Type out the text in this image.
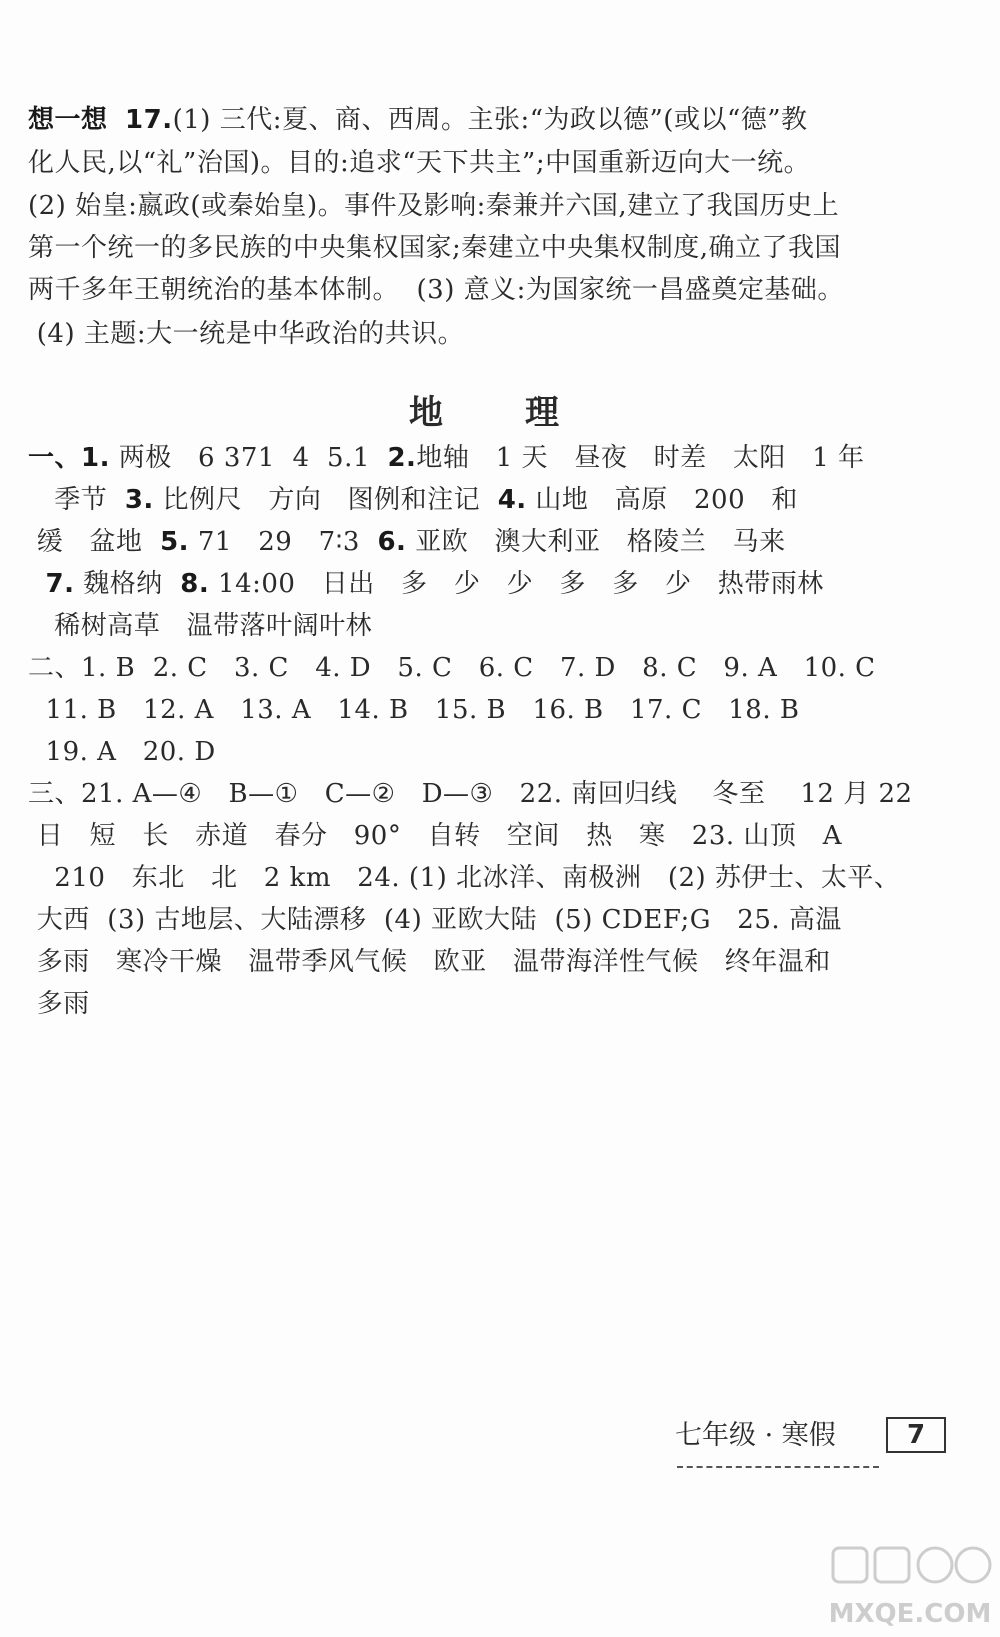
想一想 17.(1) 三代:夏、商、西周。主张:“为政以德”(或以“德”教
化人民,以“礼”治国)。目的:追求“天下共主”;中国重新迈向大一统。
(2) 始皇:嬴政(或秦始皇)。事件及影响:秦兼并六国,建立了我国历史上
第一个统一的多民族的中央集权国家;秦建立中央集权制度,确立了我国
两千多年王朝统治的基本体制。  (3) 意义:为国家统一昌盛奠定基础。
(4) 主题:大一统是中华政治的共识。
地理
一、1. 两极   6 371  4  5.1  2.地轴   1 天   昼夜   时差   太阳   1 年
季节  3. 比例尺   方向   图例和注记  4. 山地   高原   200   和
缓   盆地  5. 71   29   7∶3  6. 亚欧   澳大利亚   格陵兰   马来
7. 魏格纳  8. 14:00   日出   多   少   少   多   多   少   热带雨林
稀树高草   温带落叶阔叶林
二、1. B  2. C   3. C   4. D   5. C   6. C   7. D   8. C   9. A   10. C
11. B   12. A   13. A   14. B   15. B   16. B   17. C   18. B
19. A   20. D
三、21. A—④   B—①   C—②   D—③   22. 南回归线    冬至    12 月 22
日   短   长   赤道   春分   90°   自转   空间   热   寒   23. 山顶   A
210   东北   北   2 km   24. (1) 北冰洋、南极洲   (2) 苏伊士、太平、
大西  (3) 古地层、大陆漂移  (4) 亚欧大陆  (5) CDEF;G   25. 高温
多雨   寒冷干燥   温带季风气候   欧亚   温带海洋性气候   终年温和
多雨
七年级 · 寒假	7
MXQE.COM
